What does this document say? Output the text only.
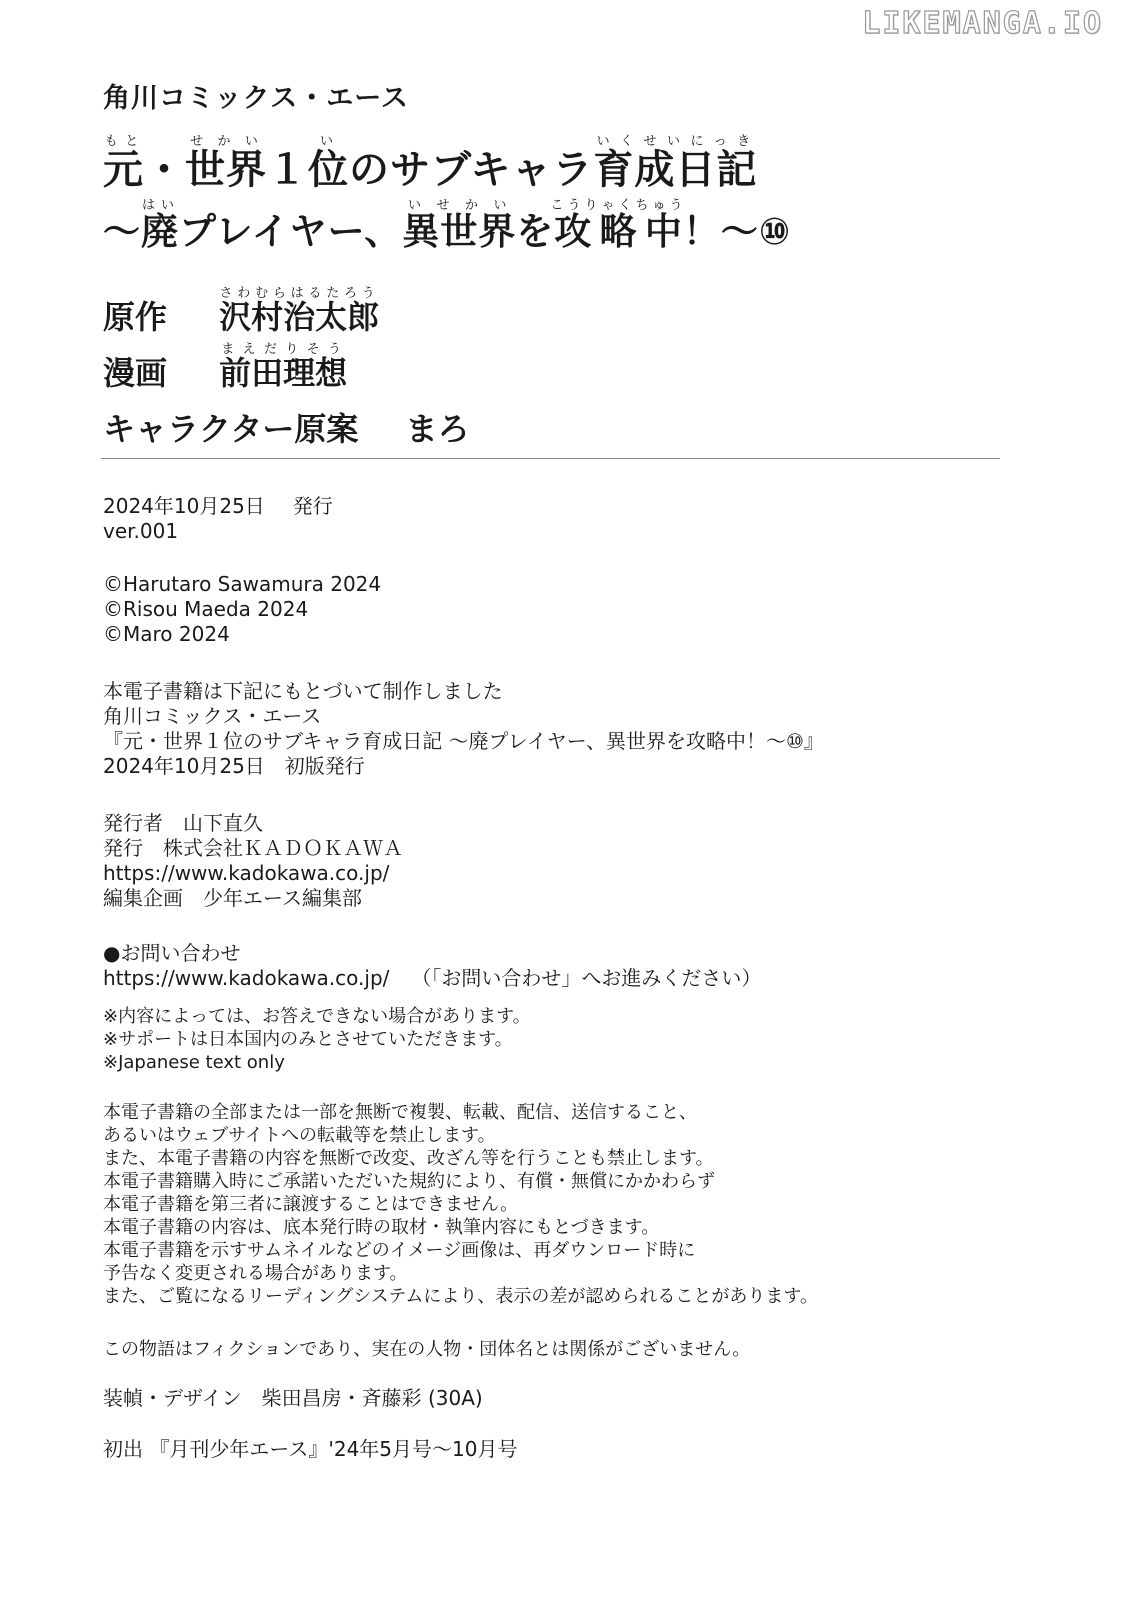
LIKEMANGA.IO
角川コミックス・エース
元もと・世界せかい１位いのサブキャラ育成日記いくせいにっき
〜廃はいプレイヤー、異世界いせかいを攻略中こうりゃくちゅう！〜⑩
原作 沢村治太郎さわむらはるたろう
漫画 前田理想まえだりそう
キャラクター原案 まろ
2024年10月25日 発行
ver.001
©Harutaro Sawamura 2024
©Risou Maeda 2024
©Maro 2024
本電子書籍は下記にもとづいて制作しました
角川コミックス・エース
『元・世界１位のサブキャラ育成日記 〜廃プレイヤー、異世界を攻略中！〜⑩』
2024年10月25日　初版発行
発行者　山下直久
発行　株式会社ＫＡＤＯＫＡＷＡ
https://www.kadokawa.co.jp/
編集企画　少年エース編集部
●お問い合わせ
https://www.kadokawa.co.jp/ （「お問い合わせ」へお進みください）
※内容によっては、お答えできない場合があります。
※サポートは日本国内のみとさせていただきます。
※Japanese text only
本電子書籍の全部または一部を無断で複製、転載、配信、送信すること、
あるいはウェブサイトへの転載等を禁止します。
また、本電子書籍の内容を無断で改変、改ざん等を行うことも禁止します。
本電子書籍購入時にご承諾いただいた規約により、有償・無償にかかわらず
本電子書籍を第三者に譲渡することはできません。
本電子書籍の内容は、底本発行時の取材・執筆内容にもとづきます。
本電子書籍を示すサムネイルなどのイメージ画像は、再ダウンロード時に
予告なく変更される場合があります。
また、ご覧になるリーディングシステムにより、表示の差が認められることがあります。
この物語はフィクションであり、実在の人物・団体名とは関係がございません。
装幀・デザイン　柴田昌房・斉藤彩 (30A)
初出 『月刊少年エース』'24年5月号〜10月号
